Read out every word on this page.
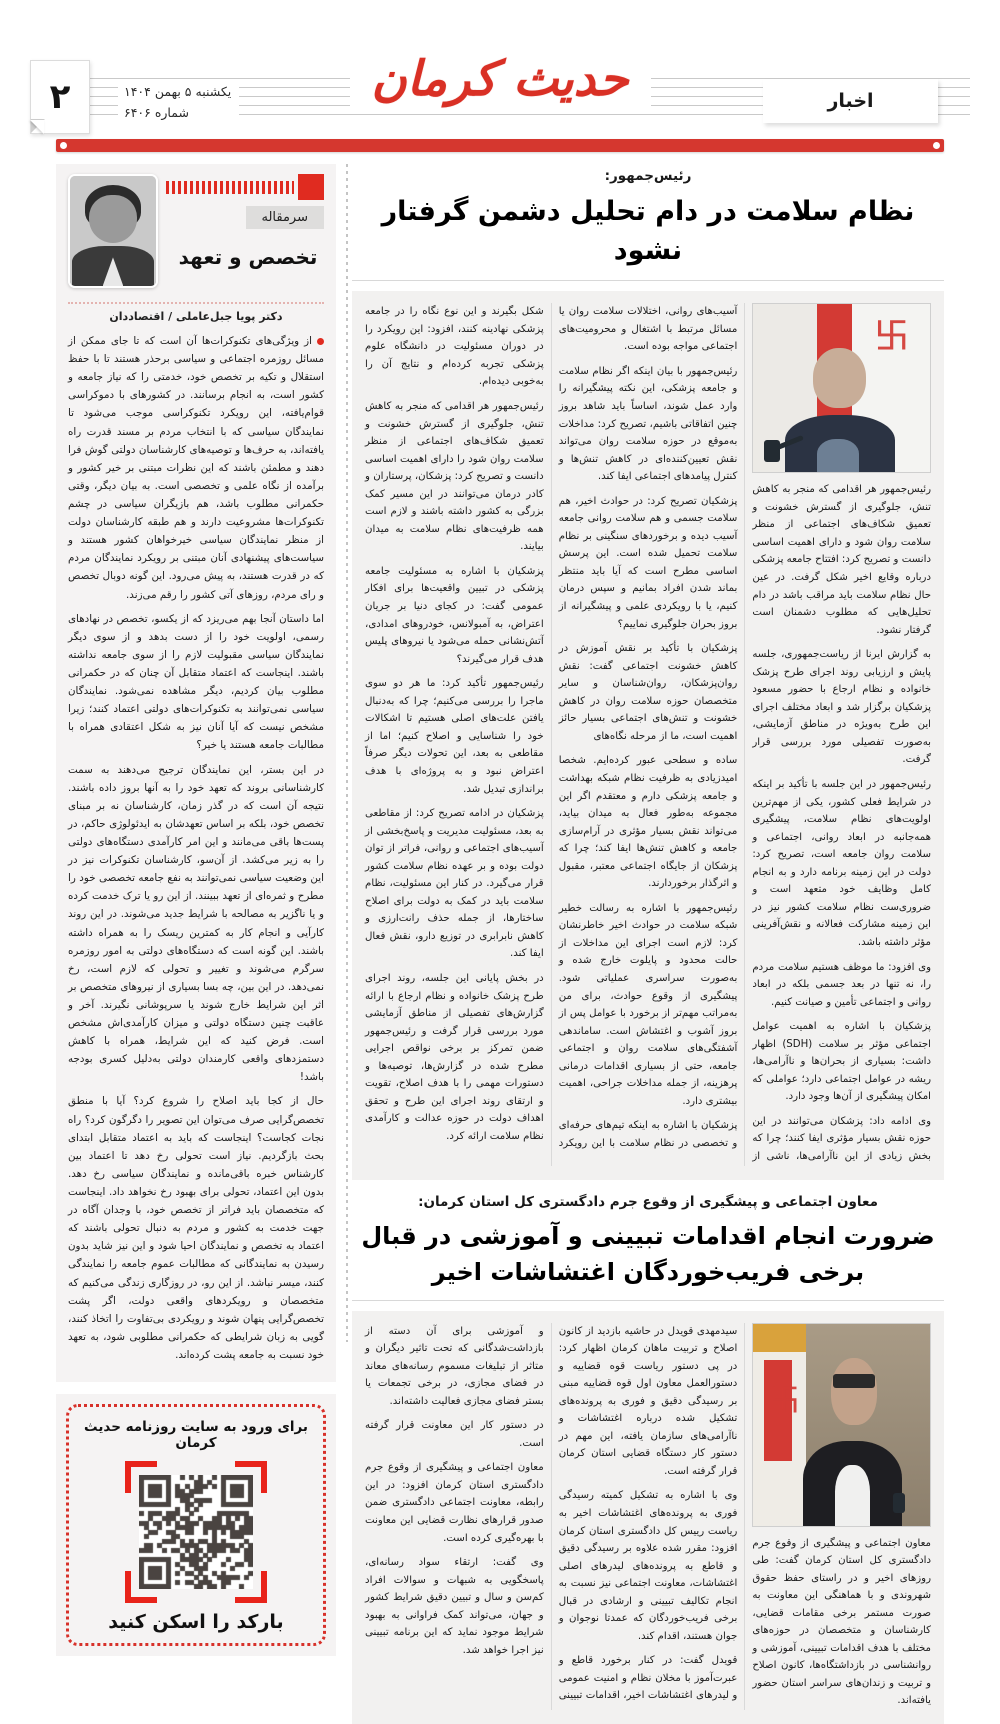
اخبار
حدیث کرمان
یکشنبه ۵ بهمن ۱۴۰۴
شماره ۶۴۰۶
۲
رئیس‌جمهور:
نظام سلامت در دام تحلیل دشمن گرفتار نشود
࿕

رئیس‌جمهور هر اقدامی که منجر به کاهش تنش، جلوگیری از گسترش خشونت و تعمیق شکاف‌های اجتماعی از منظر سلامت روان شود و دارای اهمیت اساسی دانست و تصریح کرد: افتتاح جامعه پزشکی درباره وقایع اخیر شکل گرفت. در عین حال نظام سلامت باید مراقب باشد در دام تحلیل‌هایی که مطلوب دشمنان است گرفتار نشود.

به گزارش ایرنا از ریاست‌جمهوری، جلسه پایش و ارزیابی روند اجرای طرح پزشک خانواده و نظام ارجاع با حضور مسعود پزشکیان برگزار شد و ابعاد مختلف اجرای این طرح به‌ویژه در مناطق آزمایشی، به‌صورت تفصیلی مورد بررسی قرار گرفت.

رئیس‌جمهور در این جلسه با تأکید بر اینکه در شرایط فعلی کشور، یکی از مهم‌ترین اولویت‌های نظام سلامت، پیشگیری همه‌جانبه در ابعاد روانی، اجتماعی و سلامت روان جامعه است، تصریح کرد: دولت در این زمینه برنامه دارد و به انجام کامل وظایف خود متعهد است و ضروری‌ست نظام سلامت کشور نیز در این زمینه مشارکت فعالانه و نقش‌آفرینی مؤثر داشته باشد.

وی افزود: ما موظف هستیم سلامت مردم را، نه تنها در بعد جسمی بلکه در ابعاد روانی و اجتماعی تأمین و صیانت کنیم.

پزشکیان با اشاره به اهمیت عوامل اجتماعی مؤثر بر سلامت (SDH) اظهار داشت: بسیاری از بحران‌ها و ناآرامی‌ها، ریشه در عوامل اجتماعی دارد؛ عواملی که امکان پیشگیری از آن‌ها وجود دارد.

وی ادامه داد: پزشکان می‌توانند در این حوزه نقش بسیار مؤثری ایفا کنند؛ چرا که بخش زیادی از این ناآرامی‌ها، ناشی از آسیب‌های روانی، اختلالات سلامت روان یا مسائل مرتبط با اشتغال و محرومیت‌های اجتماعی مواجه بوده است.

رئیس‌جمهور با بیان اینکه اگر نظام سلامت و جامعه پزشکی، این نکته پیشگیرانه را وارد عمل شوند، اساساً باید شاهد بروز چنین اتفاقاتی باشیم، تصریح کرد: مداخلات به‌موقع در حوزه سلامت روان می‌تواند نقش تعیین‌کننده‌ای در کاهش تنش‌ها و کنترل پیامدهای اجتماعی ایفا کند.

پزشکیان تصریح کرد: در حوادث اخیر، هم سلامت جسمی و هم سلامت روانی جامعه آسیب دیده و برخوردهای سنگینی بر نظام سلامت تحمیل شده است. این پرسش اساسی مطرح است که آیا باید منتظر بماند شدن افراد بمانیم و سپس درمان کنیم، یا با رویکردی علمی و پیشگیرانه از بروز بحران جلوگیری نماییم؟

پزشکیان با تأکید بر نقش آموزش در کاهش خشونت اجتماعی گفت: نقش روان‌پزشکان، روان‌شناسان و سایر متخصصان حوزه سلامت روان در کاهش خشونت و تنش‌های اجتماعی بسیار حائز اهمیت است، ما از مرحله نگاه‌های

ساده و سطحی عبور کرده‌ایم. شخصا امیدزیادی به ظرفیت نظام شبکه بهداشت و جامعه پزشکی دارم و معتقدم اگر این مجموعه به‌طور فعال به میدان بیاید، می‌تواند نقش بسیار مؤثری در آرام‌سازی جامعه و کاهش تنش‌ها ایفا کند؛ چرا که پزشکان از جایگاه اجتماعی معتبر، مقبول و اثرگذار برخوردارند.

رئیس‌جمهور با اشاره به رسالت خطیر شبکه سلامت در حوادث اخیر خاطرنشان کرد: لازم است اجرای این مداخلات از حالت محدود و پایلوت خارج شده و به‌صورت سراسری عملیاتی شود. پیشگیری از وقوع حوادث، برای من به‌مراتب مهم‌تر از برخورد با عوامل پس از بروز آشوب و اغتشاش است. ساماندهی آشفتگی‌های سلامت روان و اجتماعی جامعه، حتی از بسیاری اقدامات درمانی پرهزینه، از جمله مداخلات جراحی، اهمیت بیشتری دارد.

پزشکیان با اشاره به اینکه تیم‌های حرفه‌ای و تخصصی در نظام سلامت با این رویکرد شکل بگیرند و این نوع نگاه را در جامعه پزشکی نهادینه کنند، افزود: این رویکرد را در دوران مسئولیت در دانشگاه علوم پزشکی تجربه کرده‌ام و نتایج آن را به‌خوبی دیده‌ام.

رئیس‌جمهور هر اقدامی که منجر به کاهش تنش، جلوگیری از گسترش خشونت و تعمیق شکاف‌های اجتماعی از منظر سلامت روان شود را دارای اهمیت اساسی دانست و تصریح کرد: پزشکان، پرستاران و کادر درمان می‌توانند در این مسیر کمک بزرگی به کشور داشته باشند و لازم است همه ظرفیت‌های نظام سلامت به میدان بیایند.

پزشکیان با اشاره به مسئولیت جامعه پزشکی در تبیین واقعیت‌ها برای افکار عمومی گفت: در کجای دنیا بر جریان اعتراض، به آمبولانس، خودروهای امدادی، آتش‌نشانی حمله می‌شود یا نیروهای پلیس هدف قرار می‌گیرند؟

رئیس‌جمهور تأکید کرد: ما هر دو سوی ماجرا را بررسی می‌کنیم؛ چرا که به‌دنبال یافتن علت‌های اصلی هستیم تا اشکالات خود را شناسایی و اصلاح کنیم؛ اما از مقاطعی به بعد، این تحولات دیگر صرفاً اعتراض نبود و به پروژه‌ای با هدف براندازی تبدیل شد.

پزشکیان در ادامه تصریح کرد: از مقاطعی به بعد، مسئولیت مدیریت و پاسخ‌بخشی از آسیب‌های اجتماعی و روانی، فراتر از توان دولت بوده و بر عهده نظام سلامت کشور قرار می‌گیرد. در کنار این مسئولیت، نظام سلامت باید در کمک به دولت برای اصلاح ساختارها، از جمله حذف رانت‌ارزی و کاهش نابرابری در توزیع دارو، نقش فعال ایفا کند.

در بخش پایانی این جلسه، روند اجرای طرح پزشک خانواده و نظام ارجاع با ارائه گزارش‌های تفصیلی از مناطق آزمایشی مورد بررسی قرار گرفت و رئیس‌جمهور ضمن تمرکز بر برخی نواقص اجرایی مطرح شده در گزارش‌ها، توصیه‌ها و دستورات مهمی را با هدف اصلاح، تقویت و ارتقای روند اجرای این طرح و تحقق اهداف دولت در حوزه عدالت و کارآمدی نظام سلامت ارائه کرد.

معاون اجتماعی و پیشگیری از وقوع جرم دادگستری کل استان کرمان:
ضرورت انجام اقدامات تبیینی و آموزشی در قبال برخی فریب‌خوردگان اغتشاشات اخیر
࿕

معاون اجتماعی و پیشگیری از وقوع جرم دادگستری کل استان کرمان گفت: طی روزهای اخیر و در راستای حفظ حقوق شهروندی و با هماهنگی این معاونت به صورت مستمر برخی مقامات قضایی، کارشناسان و متخصصان در حوزه‌های مختلف با هدف اقدامات تبیینی، آموزشی و روانشناسی در بازداشتگاه‌ها، کانون اصلاح و تربیت و زندان‌های سراسر استان حضور یافته‌اند.

سیدمهدی قویدل در حاشیه بازدید از کانون اصلاح و تربیت ماهان کرمان اظهار کرد: در پی دستور ریاست قوه قضاییه و دستورالعمل معاون اول قوه قضاییه مبنی بر رسیدگی دقیق و فوری به پرونده‌های تشکیل شده درباره اغتشاشات و ناآرامی‌های سازمان یافته، این مهم در دستور کار دستگاه قضایی استان کرمان قرار گرفته است.

وی با اشاره به تشکیل کمیته رسیدگی فوری به پرونده‌های اغتشاشات اخیر به ریاست رییس کل دادگستری استان کرمان افزود: مقرر شده علاوه بر رسیدگی دقیق و قاطع به پرونده‌های لیدرهای اصلی اغتشاشات، معاونت اجتماعی نیز نسبت به انجام تکالیف تبیینی و ارشادی در قبال برخی فریب‌خوردگان که عمدتا نوجوان و جوان هستند، اقدام کند.

قویدل گفت: در کنار برخورد قاطع و عبرت‌آموز با مخلان نظام و امنیت عمومی و لیدرهای اغتشاشات اخیر، اقدامات تبیینی و آموزشی برای آن دسته از بازداشت‌شدگانی که تحت تاثیر دیگران و متاثر از تبلیغات مسموم رسانه‌های معاند در فضای مجازی، در برخی تجمعات یا بستر فضای مجازی فعالیت داشته‌اند.

در دستور کار این معاونت قرار گرفته است.

معاون اجتماعی و پیشگیری از وقوع جرم دادگستری استان کرمان افزود: در این رابطه، معاونت اجتماعی دادگستری ضمن صدور قرارهای نظارت قضایی این معاونت با بهره‌گیری کرده است.

وی گفت: ارتقاء سواد رسانه‌ای، پاسخگویی به شبهات و سوالات افراد کم‌سن و سال و تبیین دقیق شرایط کشور و جهان، می‌تواند کمک فراوانی به بهبود شرایط موجود نماید که این برنامه تبیینی نیز اجرا خواهد شد.

سرمقاله
تخصص و تعهد
دکتر پویا جبل‌عاملی / اقتصاددان

از ویژگی‌های تکنوکرات‌ها آن است که تا جای ممکن از مسائل روزمره اجتماعی و سیاسی برحذر هستند تا با حفظ استقلال و تکیه بر تخصص خود، خدمتی را که نیاز جامعه و کشور است، به انجام برسانند. در کشورهای با دموکراسی قوام‌یافته، این رویکرد تکنوکراسی موجب می‌شود تا نمایندگان سیاسی که با انتخاب مردم بر مسند قدرت راه یافته‌اند، به حرف‌ها و توصیه‌های کارشناسان دولتی گوش فرا دهند و مطمئن باشند که این نظرات مبتنی بر خیر کشور و برآمده از نگاه علمی و تخصصی است. به بیان دیگر، وقتی حکمرانی مطلوب باشد، هم بازیگران سیاسی در چشم تکنوکرات‌ها مشروعیت دارند و هم طبقه کارشناسان دولت از منظر نمایندگان سیاسی خیرخواهان کشور هستند و سیاست‌های پیشنهادی آنان مبتنی بر رویکرد نمایندگان مردم که در قدرت هستند، به پیش می‌رود. این گونه دوبال تخصص و رای مردم، روزهای آتی کشور را رقم می‌زند.

اما داستان آنجا بهم می‌ریزد که از یکسو، تخصص در نهادهای رسمی، اولویت خود را از دست بدهد و از سوی دیگر نمایندگان سیاسی مقبولیت لازم را از سوی جامعه نداشته باشند. اینجاست که اعتماد متقابل آن چنان که در حکمرانی مطلوب بیان کردیم، دیگر مشاهده نمی‌شود. نمایندگان سیاسی نمی‌توانند به تکنوکرات‌های دولتی اعتماد کنند؛ زیرا مشخص نیست که آیا آنان نیز به شکل اعتقادی همراه با مطالبات جامعه هستند یا خیر؟

در این بستر، این نمایندگان ترجیح می‌دهند به سمت کارشناسانی بروند که تعهد خود را به آنها بروز داده باشند. نتیجه آن است که در گذر زمان، کارشناسان نه بر مبنای تخصص خود، بلکه بر اساس تعهدشان به ایدئولوژی حاکم، در پست‌ها باقی می‌مانند و این امر کارآمدی دستگاه‌های دولتی را به زیر می‌کشد. از آن‌سو، کارشناسان تکنوکرات نیز در این وضعیت سیاسی نمی‌توانند به نفع جامعه تخصصی خود را مطرح و ثمره‌ای از تعهد ببینند. از این رو یا ترک خدمت کرده و یا ناگزیر به مصالحه با شرایط جدید می‌شوند. در این روند کارآیی و انجام کار به کمترین ریسک را به همراه داشته باشند. این گونه است که دستگاه‌های دولتی به امور روزمره سرگرم می‌شوند و تغییر و تحولی که لازم است، رخ نمی‌دهد. در این بین، چه بسا بسیاری از نیروهای متخصص بر اثر این شرایط خارج شوند یا سرپوشانی نگیرند. آخر و عاقبت چنین دستگاه دولتی و میزان کارآمدی‌اش مشخص است. فرض کنید که این شرایط، همراه با کاهش دستمزدهای واقعی کارمندان دولتی به‌دلیل کسری بودجه باشد!

حال از کجا باید اصلاح را شروع کرد؟ آیا با منطق تخصص‌گرایی صرف می‌توان این تصویر را دگرگون کرد؟ راه نجات کجاست؟ اینجاست که باید به اعتماد متقابل ابتدای بحث بازگردیم. نیاز است تحولی رخ دهد تا اعتماد بین کارشناس خبره باقی‌مانده و نمایندگان سیاسی رخ دهد. بدون این اعتماد، تحولی برای بهبود رخ نخواهد داد. اینجاست که متخصصان باید فراتر از تخصص خود، با وجدان آگاه در جهت خدمت به کشور و مردم به دنبال تحولی باشند که اعتماد به تخصص و نمایندگان احیا شود و این نیز شاید بدون رسیدن به نمایندگانی که مطالبات عموم جامعه را نمایندگی کنند، میسر نباشد. از این رو، در روزگاری زندگی می‌کنیم که متخصصان و رویکردهای واقعی دولت، اگر پشت تخصص‌گرایی پنهان شوند و رویکردی بی‌تفاوت را اتخاذ کنند، گویی به زبان شرایطی که حکمرانی مطلوبی شود، به تعهد خود نسبت به جامعه پشت کرده‌اند.

برای ورود به سایت روزنامه حدیث کرمان
بارکد را اسکن کنید
